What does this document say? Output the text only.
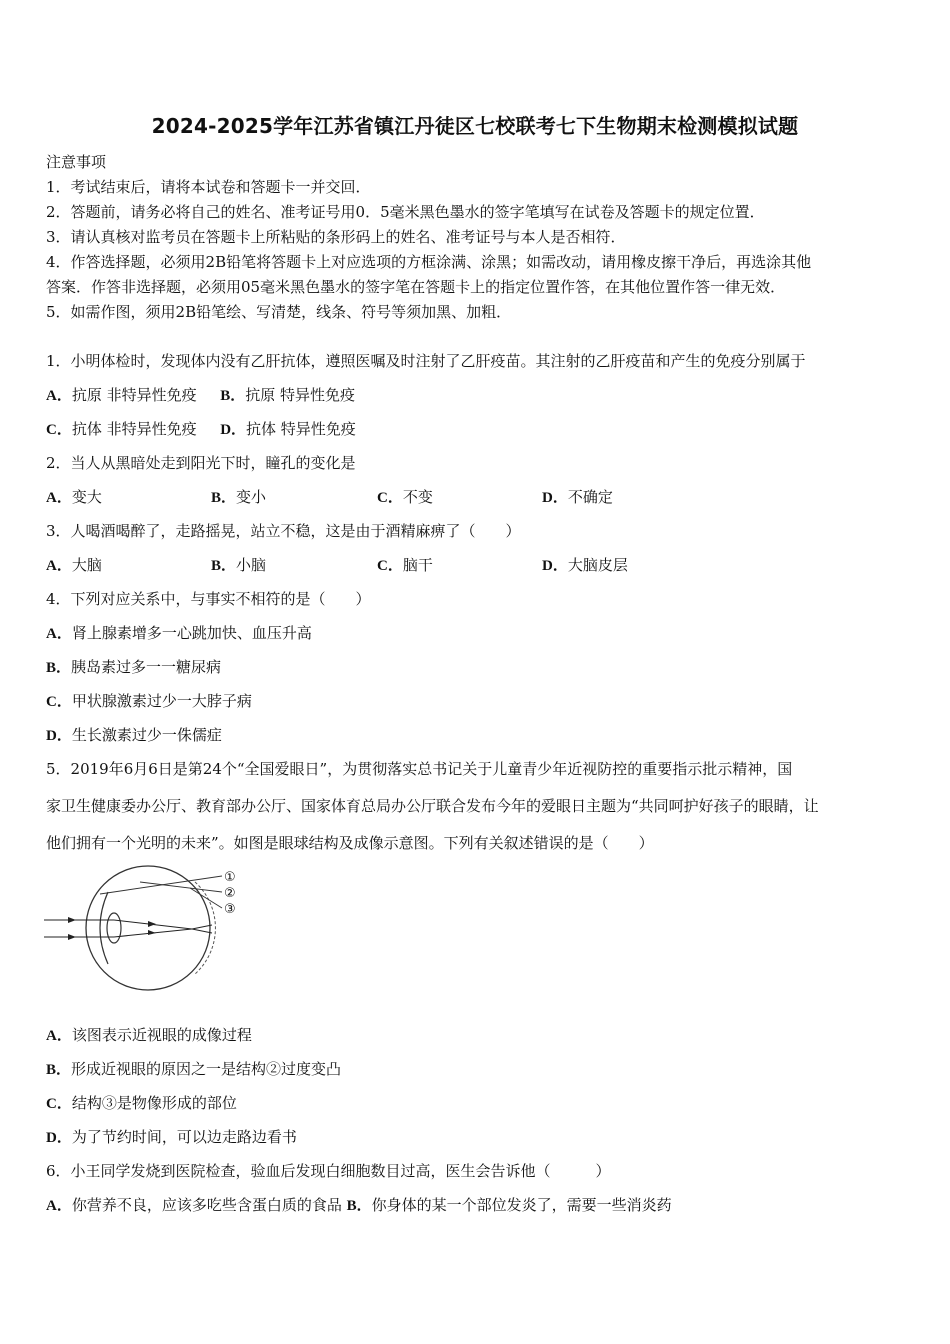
2024-2025学年江苏省镇江丹徒区七校联考七下生物期末检测模拟试题
注意事项
1．考试结束后，请将本试卷和答题卡一并交回．
2．答题前，请务必将自己的姓名、准考证号用0．5毫米黑色墨水的签字笔填写在试卷及答题卡的规定位置．
3．请认真核对监考员在答题卡上所粘贴的条形码上的姓名、准考证号与本人是否相符．
4．作答选择题，必须用2B铅笔将答题卡上对应选项的方框涂满、涂黑；如需改动，请用橡皮擦干净后，再选涂其他
答案．作答非选择题，必须用05毫米黑色墨水的签字笔在答题卡上的指定位置作答，在其他位置作答一律无效．
5．如需作图，须用2B铅笔绘、写清楚，线条、符号等须加黑、加粗．
1．小明体检时，发现体内没有乙肝抗体，遵照医嘱及时注射了乙肝疫苗。其注射的乙肝疫苗和产生的免疫分别属于
A．抗原 非特异性免疫 B．抗原 特异性免疫
C．抗体 非特异性免疫 D．抗体 特异性免疫
2．当人从黑暗处走到阳光下时，瞳孔的变化是
A．变大	B．变小	C．不变	D．不确定
3．人喝酒喝醉了，走路摇晃，站立不稳，这是由于酒精麻痹了（　　）
A．大脑	B．小脑	C．脑干	D．大脑皮层
4．下列对应关系中，与事实不相符的是（　　）
A．肾上腺素增多一心跳加快、血压升高
B．胰岛素过多一一糖尿病
C．甲状腺激素过少一大脖子病
D．生长激素过少一侏儒症
5．2019年6月6日是第24个“全国爱眼日”，为贯彻落实总书记关于儿童青少年近视防控的重要指示批示精神，国
家卫生健康委办公厅、教育部办公厅、国家体育总局办公厅联合发布今年的爱眼日主题为“共同呵护好孩子的眼睛，让
他们拥有一个光明的未来”。如图是眼球结构及成像示意图。下列有关叙述错误的是（　　）
①
②
③
A．该图表示近视眼的成像过程
B．形成近视眼的原因之一是结构②过度变凸
C．结构③是物像形成的部位
D．为了节约时间，可以边走路边看书
6．小王同学发烧到医院检查，验血后发现白细胞数目过高，医生会告诉他（　　　）
A．你营养不良，应该多吃些含蛋白质的食品 B．你身体的某一个部位发炎了，需要一些消炎药
